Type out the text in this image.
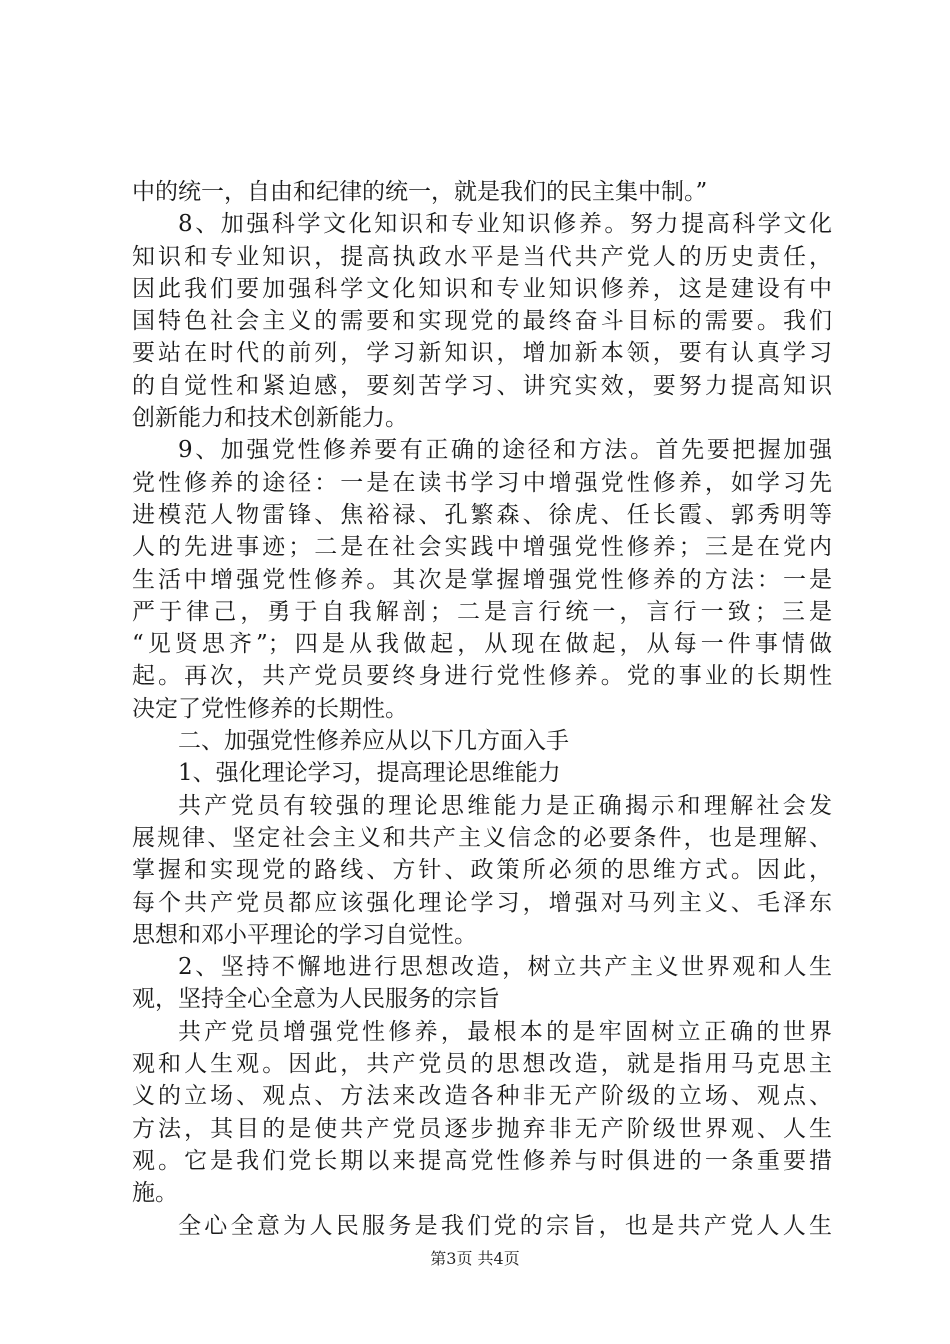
中的统一，自由和纪律的统一，就是我们的民主集中制。”
8、加强科学文化知识和专业知识修养。努力提高科学文化
知识和专业知识，提高执政水平是当代共产党人的历史责任，
因此我们要加强科学文化知识和专业知识修养，这是建设有中
国特色社会主义的需要和实现党的最终奋斗目标的需要。我们
要站在时代的前列，学习新知识，增加新本领，要有认真学习
的自觉性和紧迫感，要刻苦学习、讲究实效，要努力提高知识
创新能力和技术创新能力。
9、加强党性修养要有正确的途径和方法。首先要把握加强
党性修养的途径：一是在读书学习中增强党性修养，如学习先
进模范人物雷锋、焦裕禄、孔繁森、徐虎、任长霞、郭秀明等
人的先进事迹；二是在社会实践中增强党性修养；三是在党内
生活中增强党性修养。其次是掌握增强党性修养的方法：一是
严于律己，勇于自我解剖；二是言行统一，言行一致；三是
“见贤思齐”；四是从我做起，从现在做起，从每一件事情做
起。再次，共产党员要终身进行党性修养。党的事业的长期性
决定了党性修养的长期性。
二、加强党性修养应从以下几方面入手
1、强化理论学习，提高理论思维能力
共产党员有较强的理论思维能力是正确揭示和理解社会发
展规律、坚定社会主义和共产主义信念的必要条件，也是理解、
掌握和实现党的路线、方针、政策所必须的思维方式。因此，
每个共产党员都应该强化理论学习，增强对马列主义、毛泽东
思想和邓小平理论的学习自觉性。
2、坚持不懈地进行思想改造，树立共产主义世界观和人生
观，坚持全心全意为人民服务的宗旨
共产党员增强党性修养，最根本的是牢固树立正确的世界
观和人生观。因此，共产党员的思想改造，就是指用马克思主
义的立场、观点、方法来改造各种非无产阶级的立场、观点、
方法，其目的是使共产党员逐步抛弃非无产阶级世界观、人生
观。它是我们党长期以来提高党性修养与时俱进的一条重要措
施。
全心全意为人民服务是我们党的宗旨，也是共产党人人生
第3页 共4页
